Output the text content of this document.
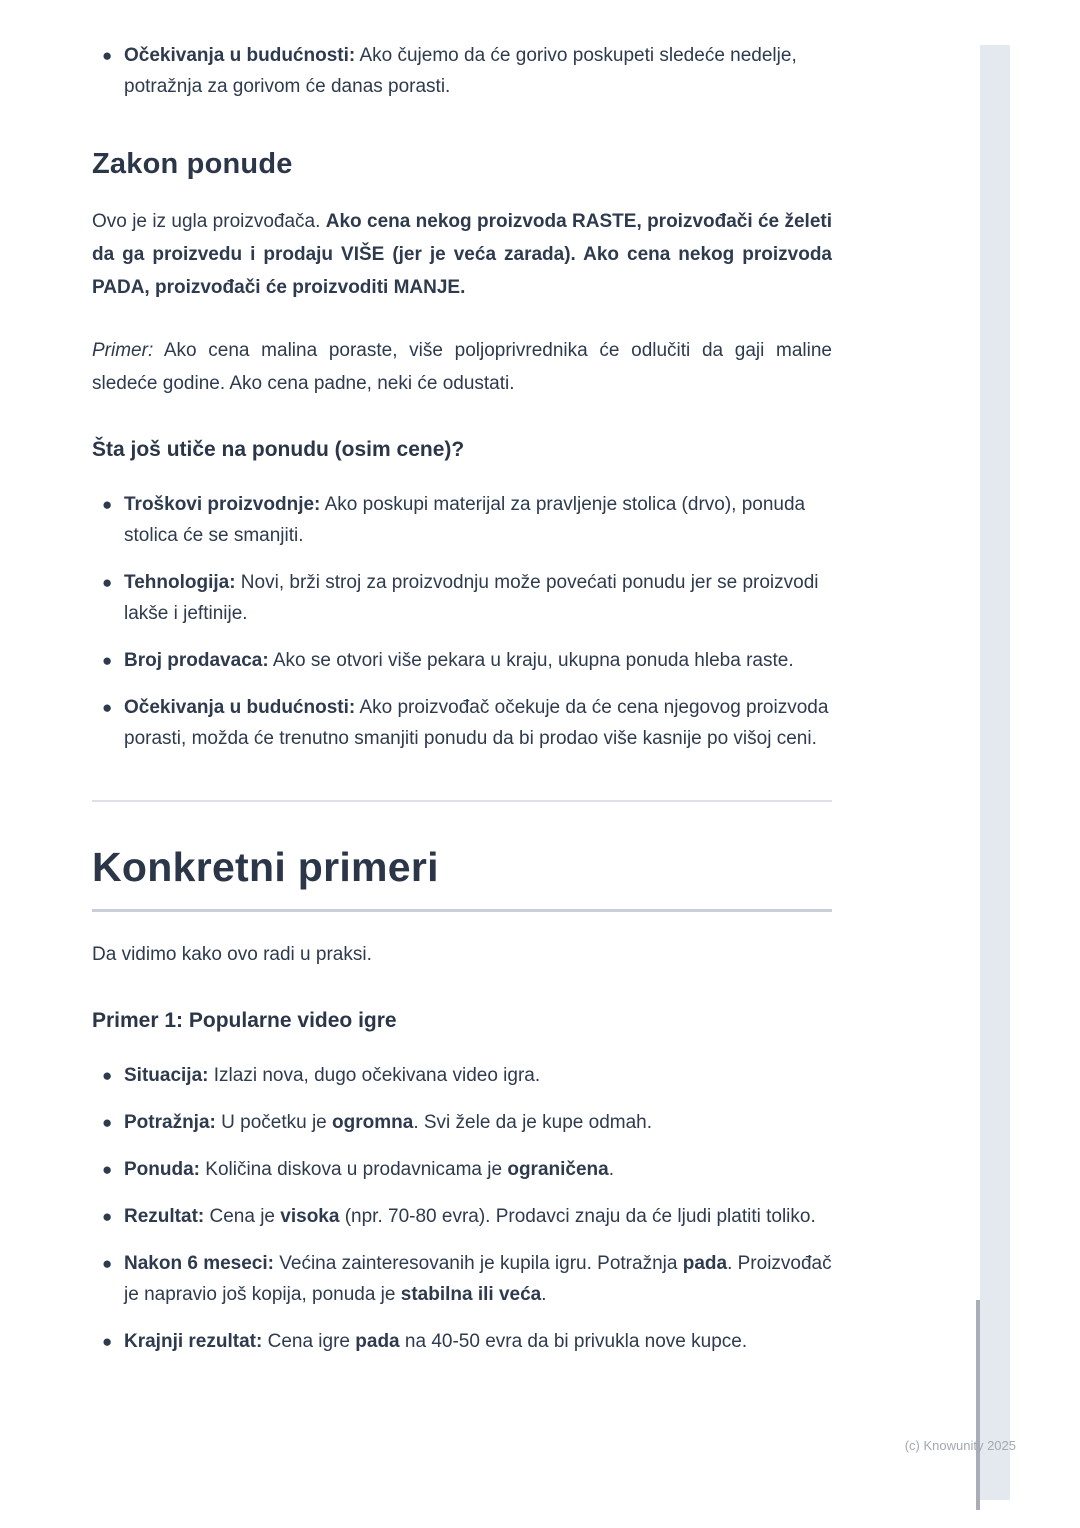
● Očekivanja u budućnosti: Ako čujemo da će gorivo poskupeti sledeće nedelje, potražnja za gorivom će danas porasti.
Zakon ponude

Ovo je iz ugla proizvođača. Ako cena nekog proizvoda RASTE, proizvođači će želeti da ga proizvedu i prodaju VIŠE (jer je veća zarada). Ako cena nekog proizvoda PADA, proizvođači će proizvoditi MANJE.

Primer: Ako cena malina poraste, više poljoprivrednika će odlučiti da gaji maline sledeće godine. Ako cena padne, neki će odustati.

Šta još utiče na ponudu (osim cene)?
● Troškovi proizvodnje: Ako poskupi materijal za pravljenje stolica (drvo), ponuda stolica će se smanjiti.
● Tehnologija: Novi, brži stroj za proizvodnju može povećati ponudu jer se proizvodi lakše i jeftinije.
● Broj prodavaca: Ako se otvori više pekara u kraju, ukupna ponuda hleba raste.
● Očekivanja u budućnosti: Ako proizvođač očekuje da će cena njegovog proizvoda porasti, možda će trenutno smanjiti ponudu da bi prodao više kasnije po višoj ceni.
Konkretni primeri

Da vidimo kako ovo radi u praksi.

Primer 1: Popularne video igre
● Situacija: Izlazi nova, dugo očekivana video igra.
● Potražnja: U početku je ogromna. Svi žele da je kupe odmah.
● Ponuda: Količina diskova u prodavnicama je ograničena.
● Rezultat: Cena je visoka (npr. 70-80 evra). Prodavci znaju da će ljudi platiti toliko.
● Nakon 6 meseci: Većina zainteresovanih je kupila igru. Potražnja pada. Proizvođač je napravio još kopija, ponuda je stabilna ili veća.
● Krajnji rezultat: Cena igre pada na 40-50 evra da bi privukla nove kupce.
(c) Knowunity 2025
